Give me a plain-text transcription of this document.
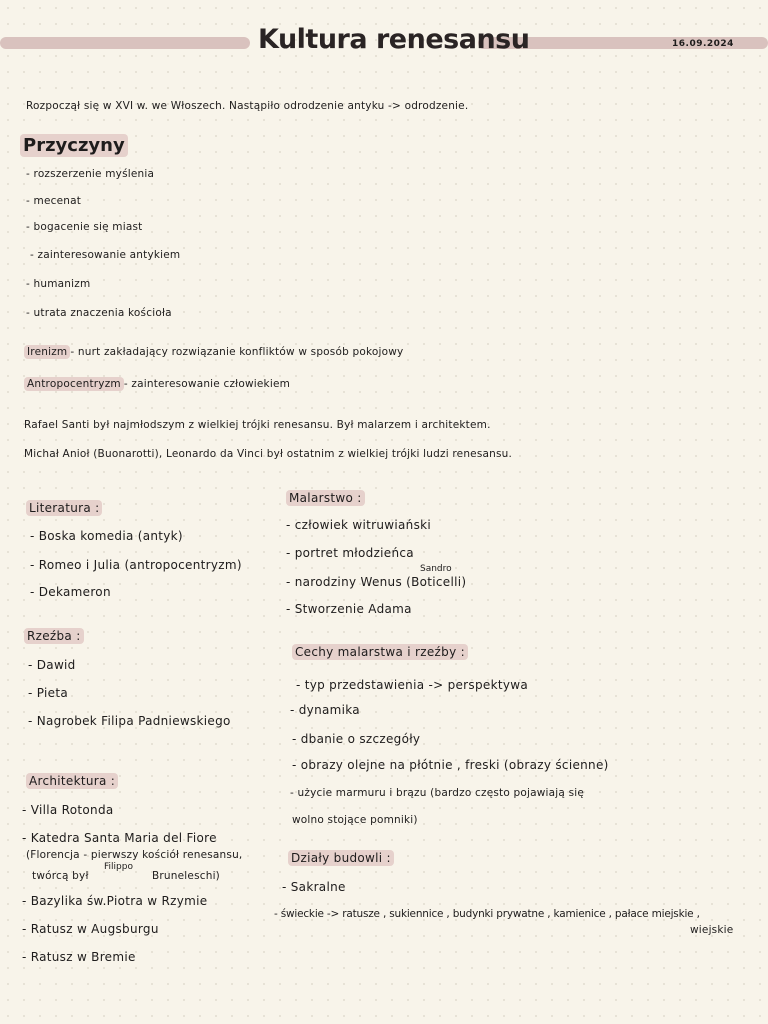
Kultura renesansu	16.09.2024
Rozpoczął się w XVI w. we Włoszech. Nastąpiło odrodzenie antyku -> odrodzenie.
Przyczyny
- rozszerzenie myślenia
- mecenat
- bogacenie się miast
- zainteresowanie antykiem
- humanizm
- utrata znaczenia kościoła
Irenizm - nurt zakładający rozwiązanie konfliktów w sposób pokojowy
Antropocentryzm - zainteresowanie człowiekiem
Rafael Santi był najmłodszym z wielkiej trójki renesansu. Był malarzem i architektem.
Michał Anioł (Buonarotti), Leonardo da Vinci był ostatnim z wielkiej trójki ludzi renesansu.
Literatura :
- Boska komedia (antyk)
- Romeo i Julia (antropocentryzm)
- Dekameron
Rzeźba :
- Dawid
- Pieta
- Nagrobek Filipa Padniewskiego
Architektura :
- Villa Rotonda
- Katedra Santa Maria del Fiore
(Florencja - pierwszy kościół renesansu,
twórcą był
Filippo
Bruneleschi)
- Bazylika św.Piotra w Rzymie
- Ratusz w Augsburgu
- Ratusz w Bremie
Malarstwo :
Sandro
- człowiek witruwiański
- portret młodzieńca
- narodziny Wenus (Boticelli)
- Stworzenie Adama
Cechy malarstwa i rzeźby :
- typ przedstawienia -> perspektywa
- dynamika
- dbanie o szczegóły
- obrazy olejne na płótnie , freski (obrazy ścienne)
- użycie marmuru i brązu (bardzo często pojawiają się
wolno stojące pomniki)
Działy budowli :
- Sakralne
- świeckie -> ratusze , sukiennice , budynki prywatne , kamienice , pałace miejskie ,
wiejskie
